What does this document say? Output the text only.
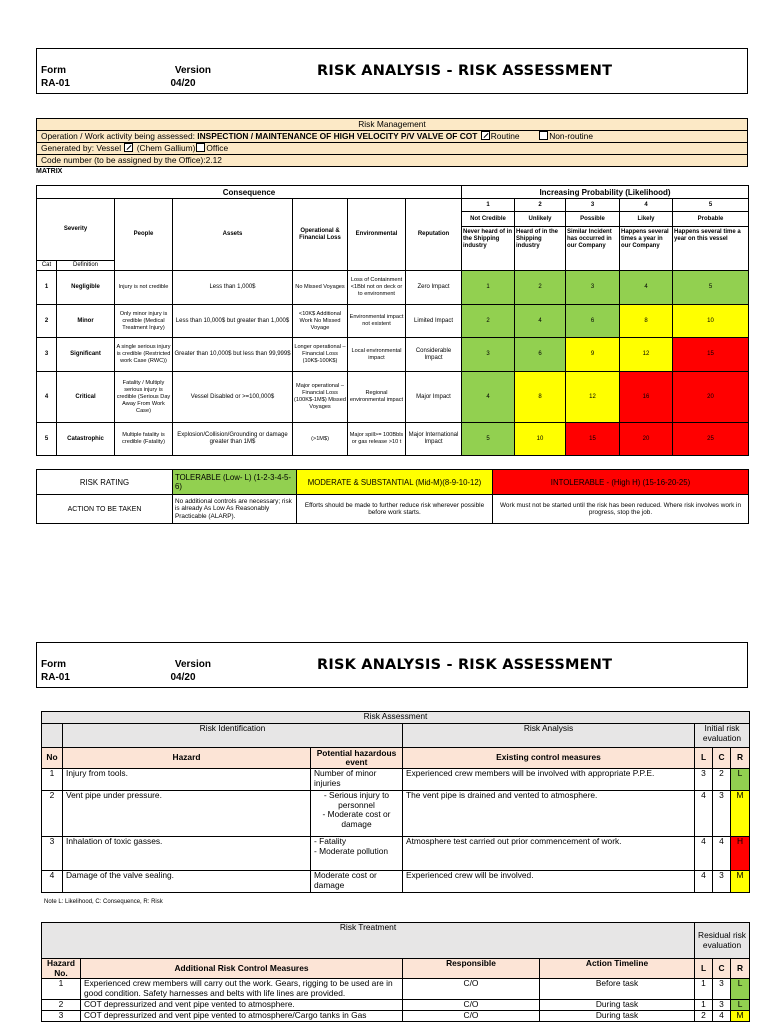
Form
RA-01
Version
04/20
RISK ANALYSIS - RISK ASSESSMENT
Risk Management
Operation / Work activity being assessed: INSPECTION / MAINTENANCE OF HIGH VELOCITY P/V VALVE OF COT Routine	Non-routine
Generated by: Vessel (Chem Gallium) Office
Code number (to be assigned by the Office):2.12
MATRIX
Consequence							Increasing Probability (Likelihood)				
Severity		People	Assets	Operational & Financial Loss	Environmental	Reputation	1	2	3	4	5
							Not Credible	Unlikely	Possible	Likely	Probable
							Never heard of in the Shipping industry	Heard of in the Shipping industry	Similar Incident has occurred in our Company	Happens several times a year in our Company	Happens several time a year on this vessel
Cat	Definition										
1	Negligible	Injury is not credible	Less than 1,000$	No Missed Voyages	Loss of Containment <1Bbl not on deck or to environment	Zero Impact	1	2	3	4	5
2	Minor	Only minor injury is credible (Medical Treatment Injury)	Less than 10,000$ but greater than 1,000$	<10K$ Additional Work No Missed Voyage	Environmental impact not existent	Limited Impact	2	4	6	8	10
3	Significant	A single serious injury is credible (Restricted work Case (RWC))	Greater than 10,000$ but less than 99,999$	Longer operational – Financial Loss (10K$-100K$)	Local environmental impact	Considerable Impact	3	6	9	12	15
4	Critical	Fatality / Multiply serious injury is credible (Serious Day Away From Work Case)	Vessel Disabled or >=100,000$	Major operational – Financial Loss (100K$-1M$) Missed Voyages	Regional environmental impact	Major Impact	4	8	12	16	20
5	Catastrophic	Multiple fatality is credible (Fatality)	Explosion/Collision/Grounding or damage greater than 1M$	(>1M$)	Major spill>= 100Bbls or gas release >10 t	Major International Impact	5	10	15	20	25
RISK RATING	TOLERABLE (Low- L) (1-2-3-4-5-6)	MODERATE & SUBSTANTIAL (Mid-M)(8-9-10-12)	INTOLERABLE - (High H) (15-16-20-25)
ACTION TO BE TAKEN	No additional controls are necessary; risk is already As Low As Reasonably Practicable (ALARP).	Efforts should be made to further reduce risk wherever possible before work starts.	Work must not be started until the risk has been reduced. Where risk involves work in progress, stop the job.
Form
RA-01
Version
04/20
RISK ANALYSIS - RISK ASSESSMENT
Risk Assessment						
	Risk Identification		Risk Analysis	Initial risk evaluation		
No	Hazard	Potential hazardous event	Existing control measures	L	C	R
1	Injury from tools.	Number of minor injuries	Experienced crew members will be involved with appropriate P.P.E.	3	2	L
2	Vent pipe under pressure.	- Serious injury to personnel
- Moderate cost or damage	The vent pipe is drained and vented to atmosphere.	4	3	M
3	Inhalation of toxic gasses.	- Fatality
- Moderate pollution	Atmosphere test carried out prior commencement of work.	4	4	H
4	Damage of the valve sealing.	Moderate cost or damage	Experienced crew will be involved.	4	3	M
Note L: Likelihood, C: Consequence, R: Risk
Risk Treatment				Residual risk evaluation		
Hazard No.	Additional Risk Control Measures	Responsible	Action Timeline	L	C	R
1	Experienced crew members will carry out the work. Gears, rigging to be used are in good condition. Safety harnesses and belts with life lines are provided.	C/O	Before task	1	3	L
2	COT depressurized and vent pipe vented to atmosphere.	C/O	During task	1	3	L
3	COT depressurized and vent pipe vented to atmosphere/Cargo tanks in Gas	C/O	During task	2	4	M
